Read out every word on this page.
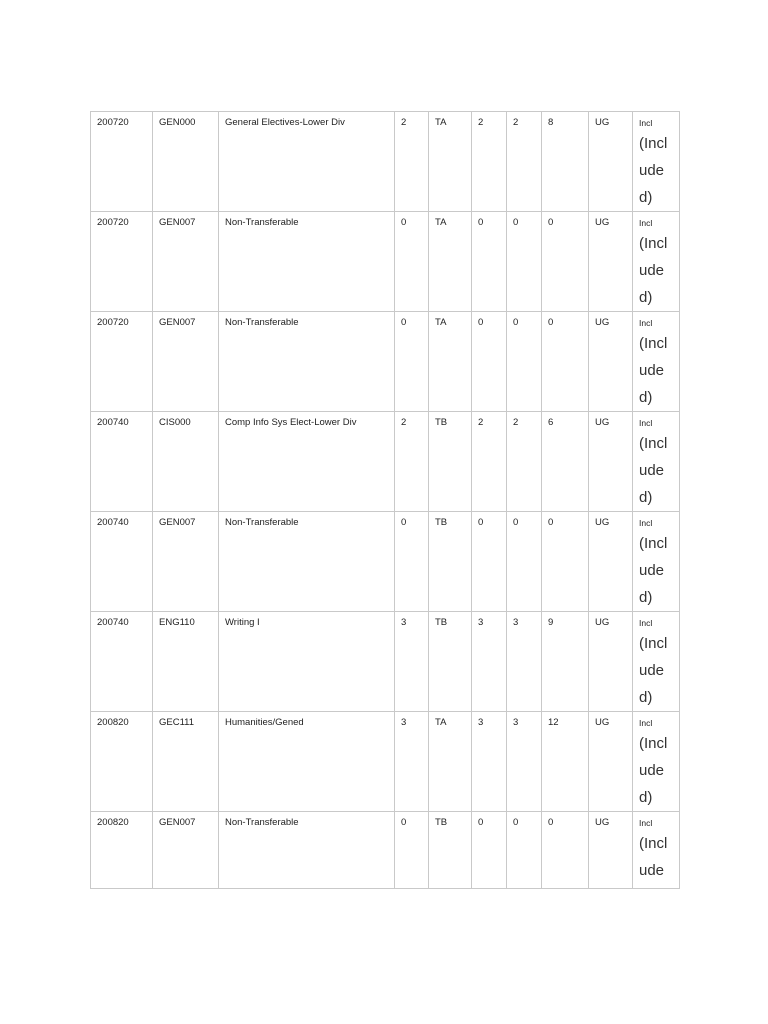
200720	GEN000	General Electives-Lower Div	2	TA	2	2	8	UG	Incl
(Incl
ude
d)

200720	GEN007	Non-Transferable	0	TA	0	0	0	UG	Incl
(Incl
ude
d)

200720	GEN007	Non-Transferable	0	TA	0	0	0	UG	Incl
(Incl
ude
d)

200740	CIS000	Comp Info Sys Elect-Lower Div	2	TB	2	2	6	UG	Incl
(Incl
ude
d)

200740	GEN007	Non-Transferable	0	TB	0	0	0	UG	Incl
(Incl
ude
d)

200740	ENG110	Writing I	3	TB	3	3	9	UG	Incl
(Incl
ude
d)

200820	GEC111	Humanities/Gened	3	TA	3	3	12	UG	Incl
(Incl
ude
d)

200820	GEN007	Non-Transferable	0	TB	0	0	0	UG	Incl
(Incl
ude
